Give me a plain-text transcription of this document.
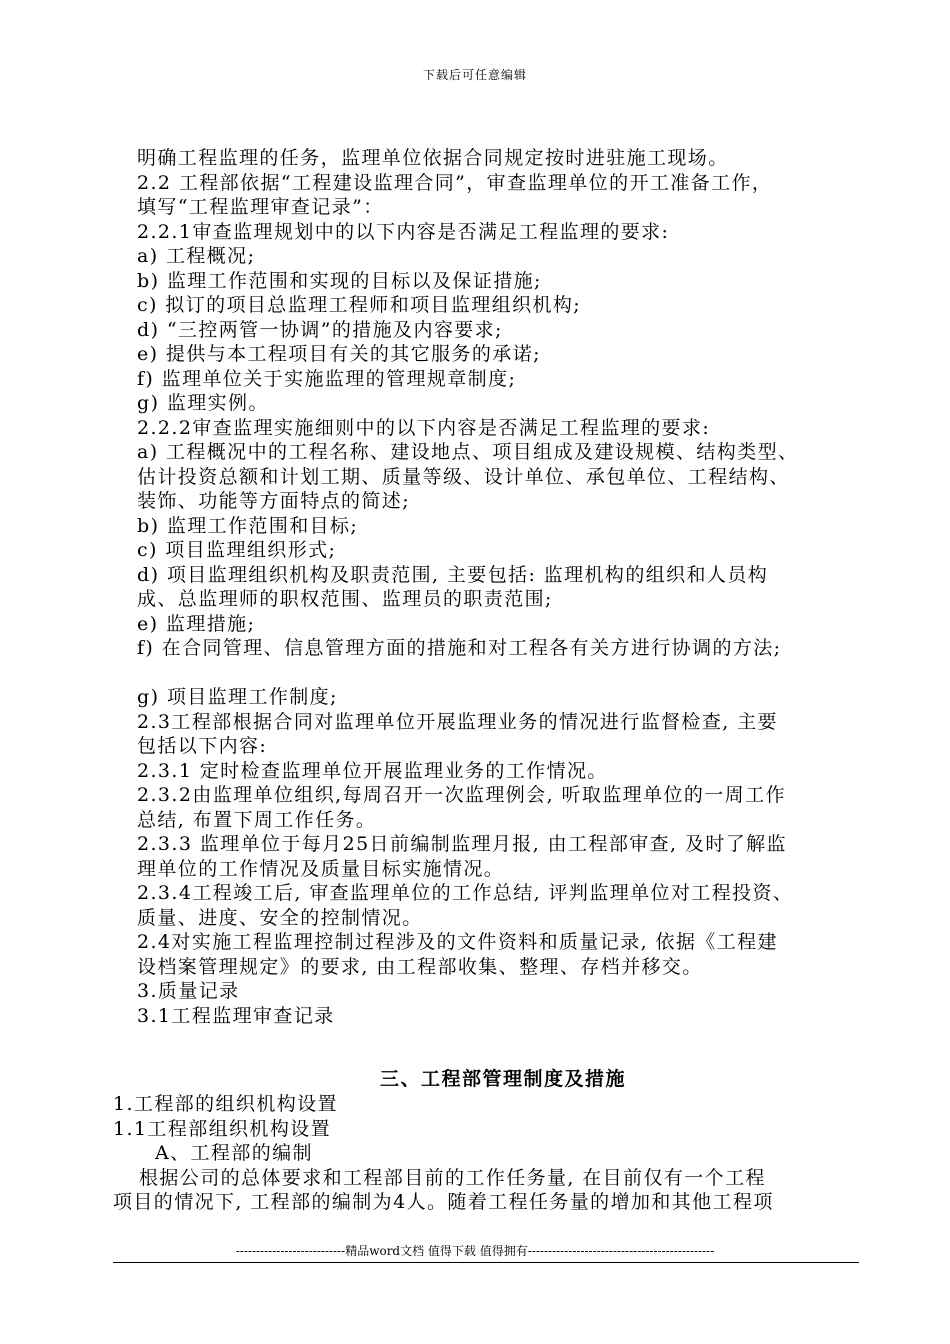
下载后可任意编辑
明确工程监理的任务，监理单位依据合同规定按时进驻施工现场。
2.2 工程部依据“工程建设监理合同”，审查监理单位的开工准备工作，
填写“工程监理审查记录”：
2.2.1审查监理规划中的以下内容是否满足工程监理的要求:
a) 工程概况;
b) 监理工作范围和实现的目标以及保证措施;
c) 拟订的项目总监理工程师和项目监理组织机构;
d) “三控两管一协调”的措施及内容要求;
e) 提供与本工程项目有关的其它服务的承诺;
f) 监理单位关于实施监理的管理规章制度;
g) 监理实例。
2.2.2审查监理实施细则中的以下内容是否满足工程监理的要求:
a) 工程概况中的工程名称、建设地点、项目组成及建设规模、结构类型、
估计投资总额和计划工期、质量等级、设计单位、承包单位、工程结构、
装饰、功能等方面特点的简述;
b) 监理工作范围和目标;
c) 项目监理组织形式;
d) 项目监理组织机构及职责范围, 主要包括: 监理机构的组织和人员构
成、总监理师的职权范围、监理员的职责范围;
e) 监理措施;
f) 在合同管理、信息管理方面的措施和对工程各有关方进行协调的方法;
g) 项目监理工作制度;
2.3工程部根据合同对监理单位开展监理业务的情况进行监督检查, 主要
包括以下内容:
2.3.1 定时检查监理单位开展监理业务的工作情况。
2.3.2由监理单位组织,每周召开一次监理例会, 听取监理单位的一周工作
总结, 布置下周工作任务。
2.3.3 监理单位于每月25日前编制监理月报, 由工程部审查, 及时了解监
理单位的工作情况及质量目标实施情况。
2.3.4工程竣工后, 审查监理单位的工作总结, 评判监理单位对工程投资、
质量、进度、安全的控制情况。
2.4对实施工程监理控制过程涉及的文件资料和质量记录, 依据《工程建
设档案管理规定》的要求, 由工程部收集、整理、存档并移交。
3.质量记录
3.1工程监理审查记录
三、工程部管理制度及措施
1.工程部的组织机构设置
1.1工程部组织机构设置
A、工程部的编制
根据公司的总体要求和工程部目前的工作任务量, 在目前仅有一个工程
项目的情况下, 工程部的编制为4人。随着工程任务量的增加和其他工程项
---------------------------精品word文档 值得下载 值得拥有----------------------------------------------
